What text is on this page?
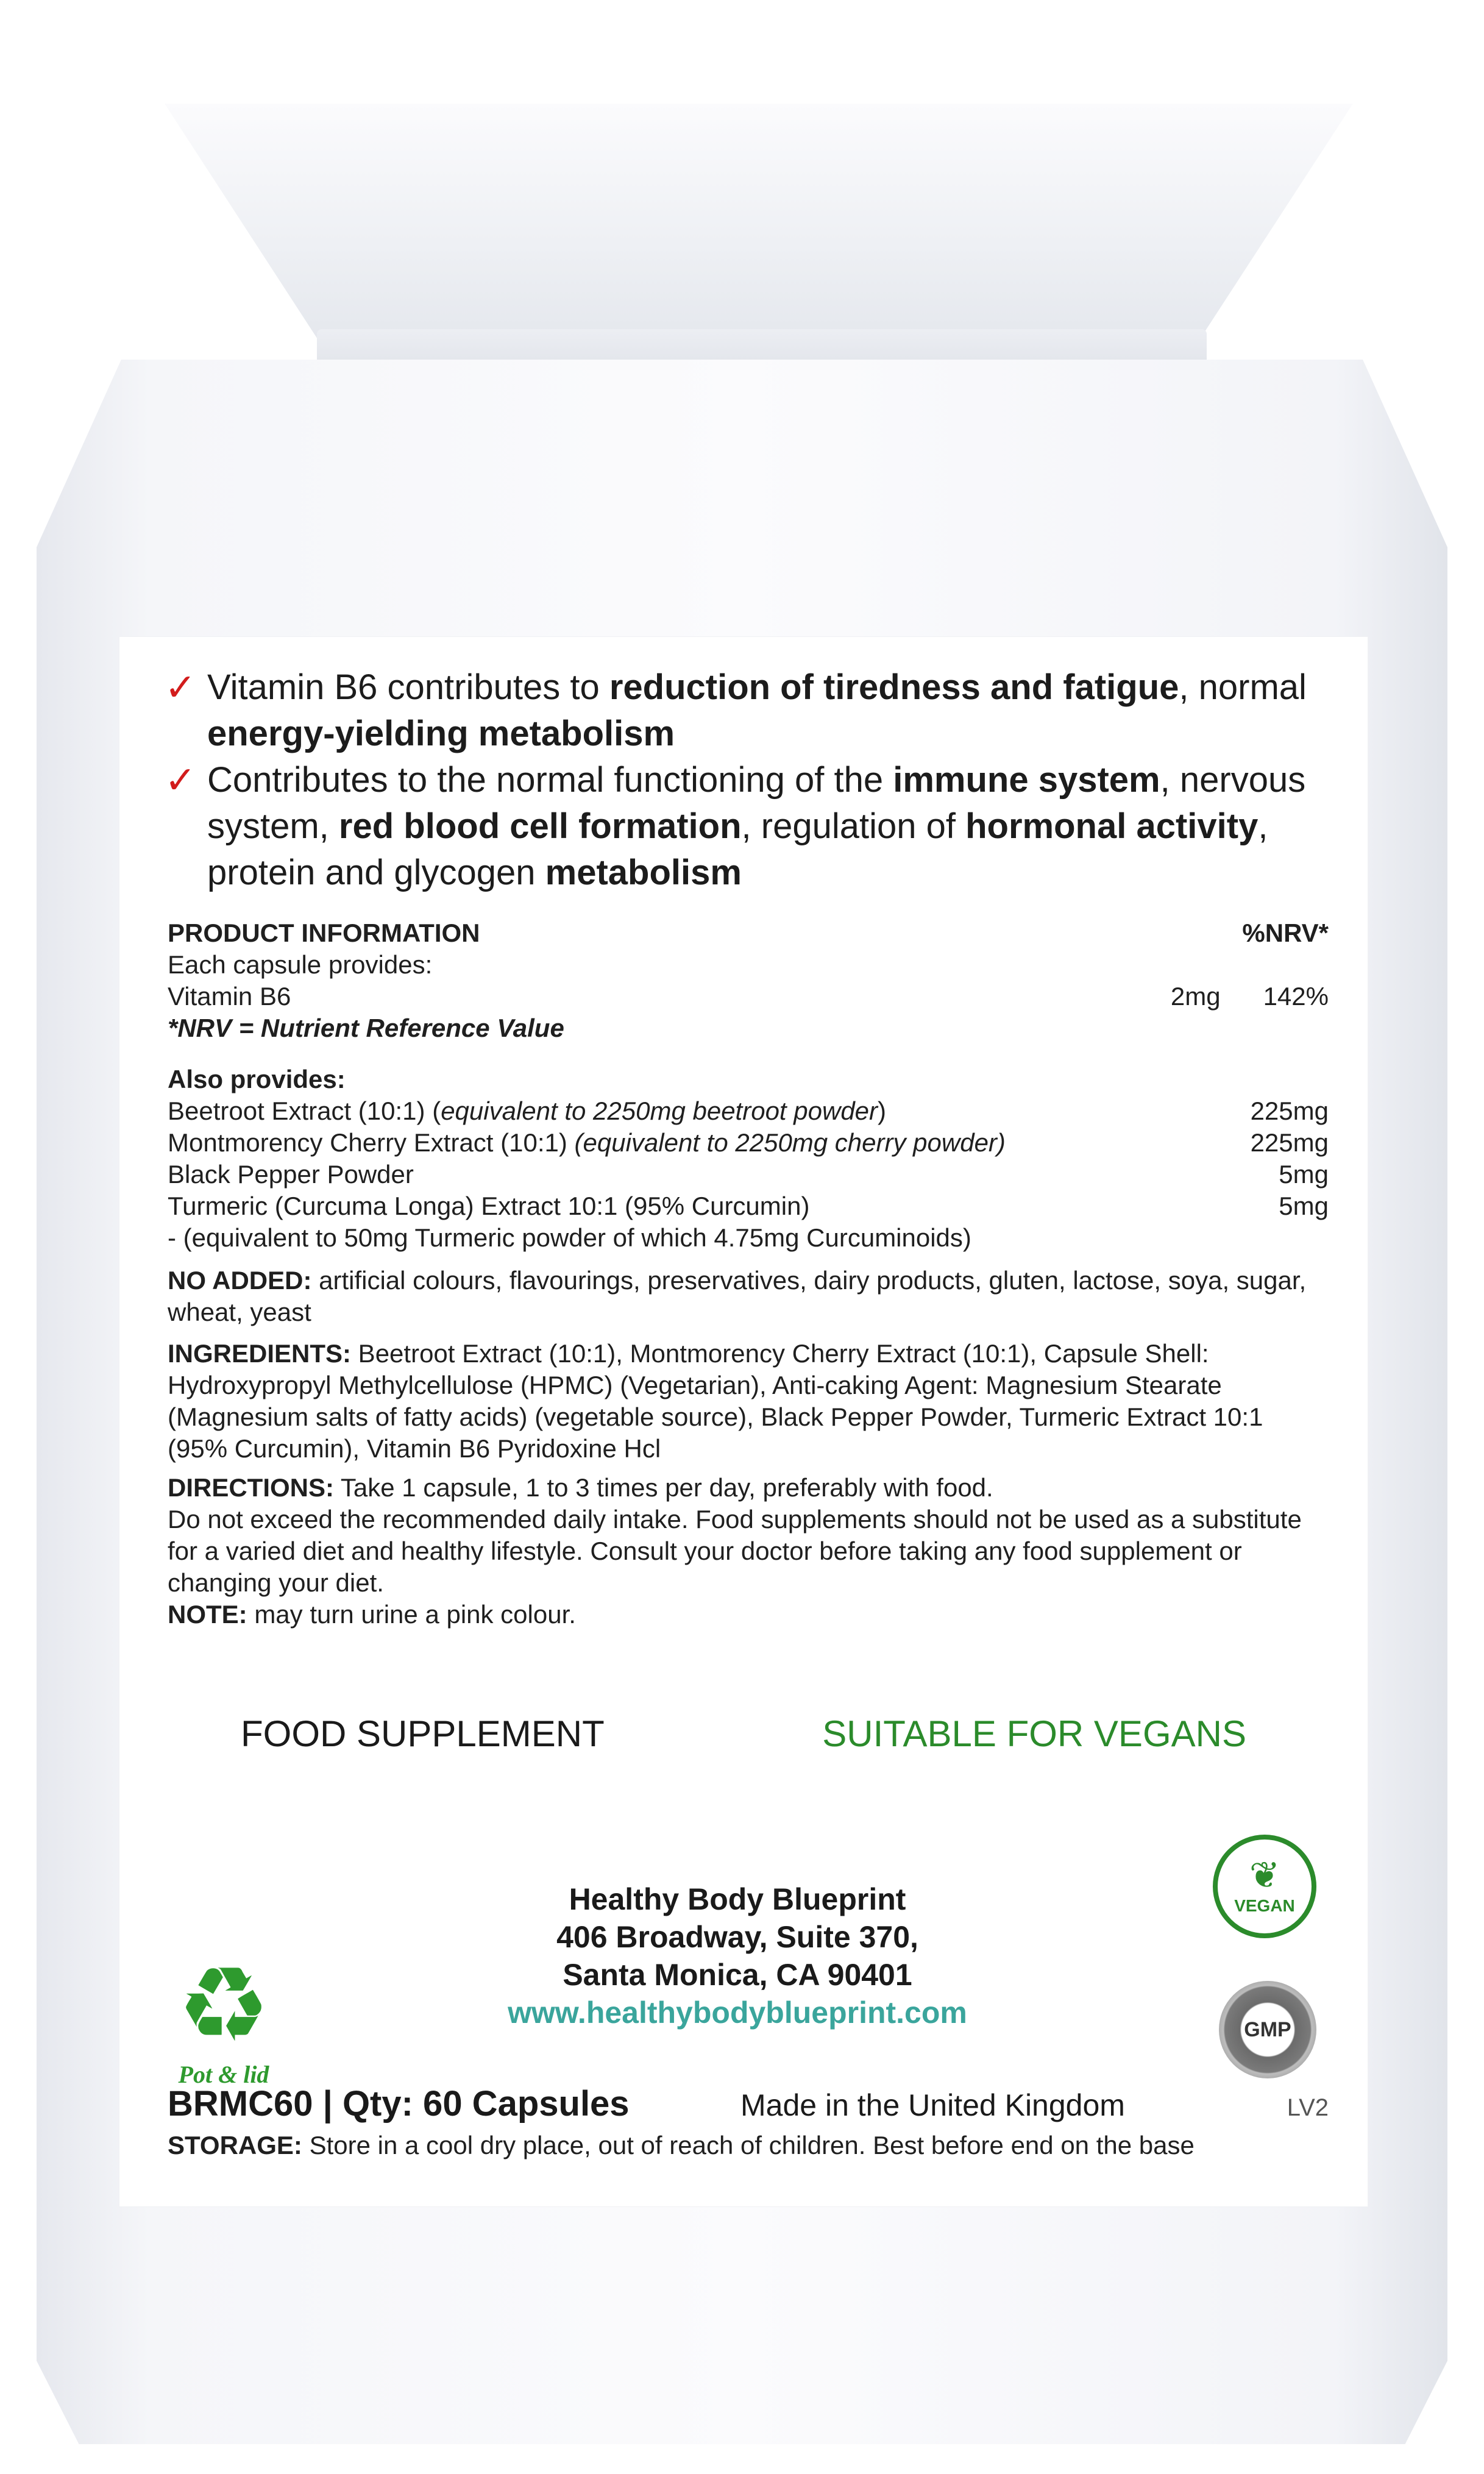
✓ Vitamin B6 contributes to reduction of tiredness and fatigue, normal energy-yielding metabolism
✓ Contributes to the normal functioning of the immune system, nervous system, red blood cell formation, regulation of hormonal activity, protein and glycogen metabolism
PRODUCT INFORMATION	%NRV*
Each capsule provides:
Vitamin B6	2mg 142%
*NRV = Nutrient Reference Value
Also provides:
Beetroot Extract (10:1) (equivalent to 2250mg beetroot powder)	225mg
Montmorency Cherry Extract (10:1) (equivalent to 2250mg cherry powder)	225mg
Black Pepper Powder	5mg
Turmeric (Curcuma Longa) Extract 10:1 (95% Curcumin)	5mg
- (equivalent to 50mg Turmeric powder of which 4.75mg Curcuminoids)
NO ADDED: artificial colours, flavourings, preservatives, dairy products, gluten, lactose, soya, sugar, wheat, yeast
INGREDIENTS: Beetroot Extract (10:1), Montmorency Cherry Extract (10:1), Capsule Shell: Hydroxypropyl Methylcellulose (HPMC) (Vegetarian), Anti-caking Agent: Magnesium Stearate (Magnesium salts of fatty acids) (vegetable source), Black Pepper Powder, Turmeric Extract 10:1 (95% Curcumin), Vitamin B6 Pyridoxine Hcl
DIRECTIONS: Take 1 capsule, 1 to 3 times per day, preferably with food.
Do not exceed the recommended daily intake. Food supplements should not be used as a substitute for a varied diet and healthy lifestyle. Consult your doctor before taking any food supplement or changing your diet.
NOTE: may turn urine a pink colour.
FOOD SUPPLEMENT	SUITABLE FOR VEGANS
❦
VEGAN
Healthy Body Blueprint
406 Broadway, Suite 370,
Santa Monica, CA 90401
www.healthybodyblueprint.com
♻
Pot & lid
GMP
BRMC60 | Qty: 60 Capsules	Made in the United Kingdom	LV2
STORAGE: Store in a cool dry place, out of reach of children. Best before end on the base
